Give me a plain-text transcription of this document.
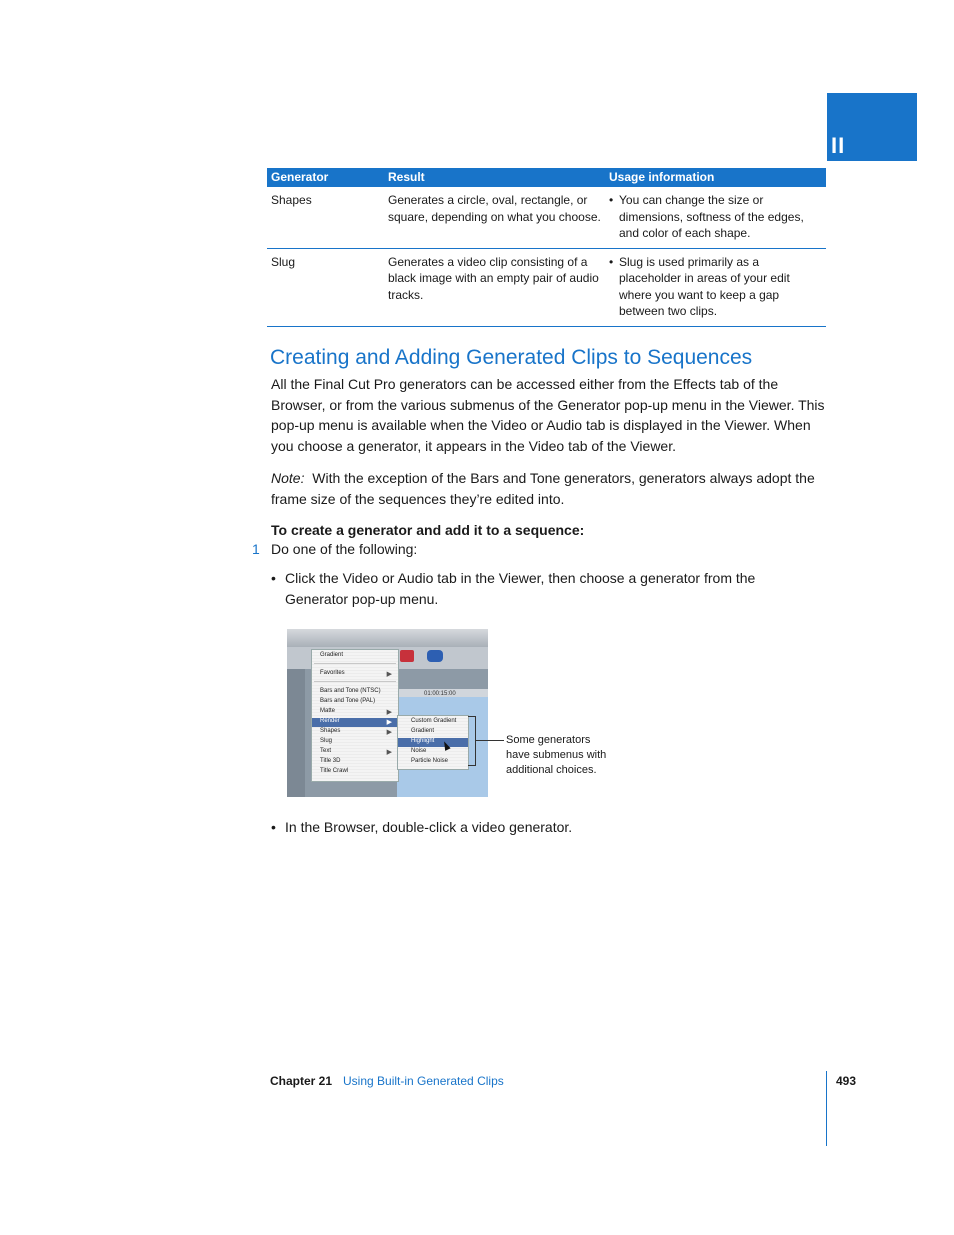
II
Generator	Result	Usage information
Shapes	Generates a circle, oval, rectangle, or square, depending on what you choose.	• You can change the size or dimensions, softness of the edges, and color of each shape.

Slug	Generates a video clip consisting of a black image with an empty pair of audio tracks.	• Slug is used primarily as a placeholder in areas of your edit where you want to keep a gap between two clips.
Creating and Adding Generated Clips to Sequences

All the Final Cut Pro generators can be accessed either from the Effects tab of the Browser, or from the various submenus of the Generator pop-up menu in the Viewer. This pop-up menu is available when the Video or Audio tab is displayed in the Viewer. When you choose a generator, it appears in the Video tab of the Viewer.

Note: With the exception of the Bars and Tone generators, generators always adopt the frame size of the sequences they’re edited into.

To create a generator and add it to a sequence:

1 Do one of the following:

• Click the Video or Audio tab in the Viewer, then choose a generator from the Generator pop-up menu.
01:00:15:00
Gradient
Favorites	▶
Bars and Tone (NTSC)
Bars and Tone (PAL)
Matte	▶
Render	▶
Shapes	▶
Slug
Text	▶
Title 3D
Title Crawl
Custom Gradient
Gradient
Highlight
Noise
Particle Noise

Some generators have submenus with additional choices.

• In the Browser, double-click a video generator.
Chapter 21 Using Built-in Generated Clips	493
